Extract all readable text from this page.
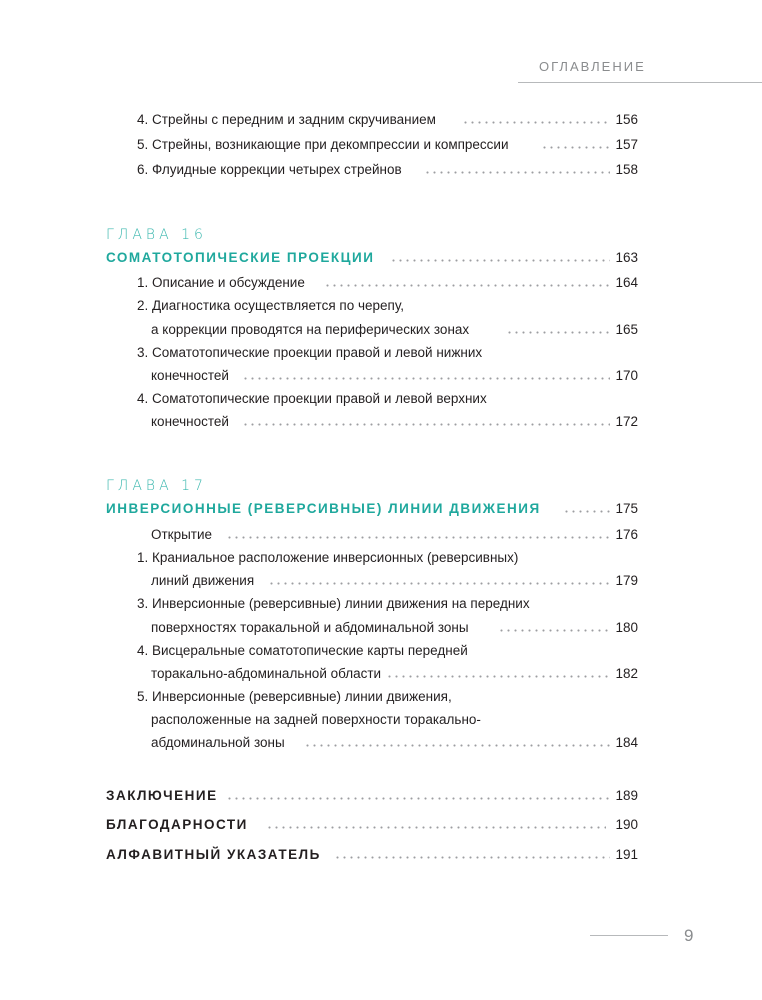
ОГЛАВЛЕНИЕ
4. Стрейны с передним и задним скручиванием	156
5. Стрейны, возникающие при декомпрессии и компрессии	157
6. Флуидные коррекции четырех стрейнов	158
ГЛАВА 16
СОМАТОТОПИЧЕСКИЕ ПРОЕКЦИИ	163
1. Описание и обсуждение	164
2. Диагностика осуществляется по черепу,
а коррекции проводятся на периферических зонах	165
3. Соматотопические проекции правой и левой нижних
конечностей	170
4. Соматотопические проекции правой и левой верхних
конечностей	172
ГЛАВА 17
ИНВЕРСИОННЫЕ (РЕВЕРСИВНЫЕ) ЛИНИИ ДВИЖЕНИЯ	175
Открытие	176
1. Краниальное расположение инверсионных (реверсивных)
линий движения	179
3. Инверсионные (реверсивные) линии движения на передних
поверхностях торакальной и абдоминальной зоны	180
4. Висцеральные соматотопические карты передней
торакально-абдоминальной области	182
5. Инверсионные (реверсивные) линии движения,
расположенные на задней поверхности торакально-
абдоминальной зоны	184
ЗАКЛЮЧЕНИЕ	189
БЛАГОДАРНОСТИ	190
АЛФАВИТНЫЙ УКАЗАТЕЛЬ	191
9
